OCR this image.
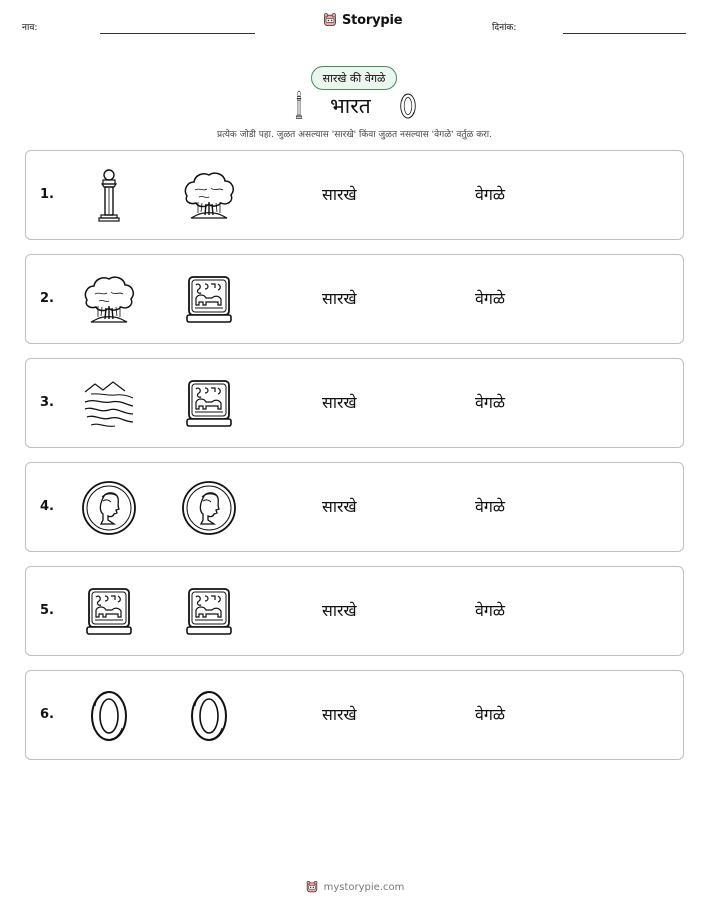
नाव:
Storypie
दिनांक:
सारखे की वेगळे
भारत
प्रत्येक जोडी पहा. जुळत असल्यास 'सारखे' किंवा जुळत नसल्यास 'वेगळे' वर्तुळ करा.
1.	सारखे	वेगळे
2.	सारखे	वेगळे
3.	सारखे	वेगळे
4.	सारखे	वेगळे
5.	सारखे	वेगळे
6.	सारखे	वेगळे
mystorypie.com
